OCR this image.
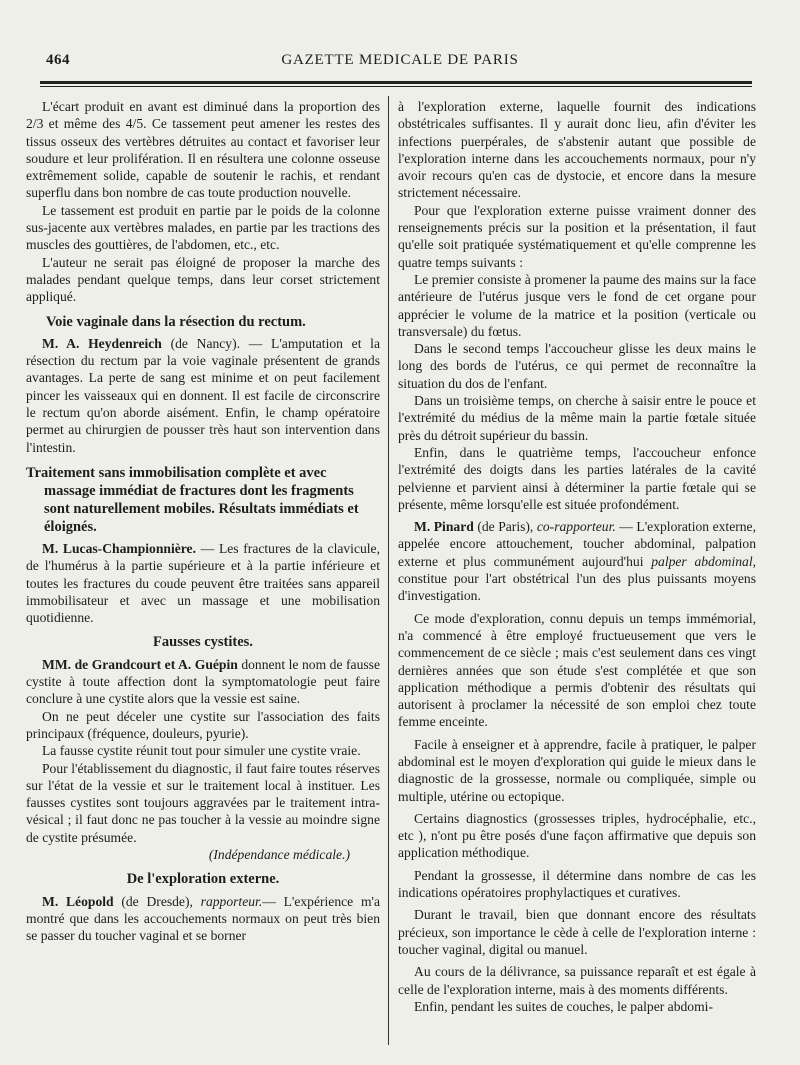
464	GAZETTE MEDICALE DE PARIS

L'écart produit en avant est diminué dans la proportion des 2/3 et même des 4/5. Ce tassement peut amener les restes des tissus osseux des vertèbres détruites au contact et favoriser leur soudure et leur prolifération. Il en résultera une colonne osseuse extrêmement solide, capable de soutenir le rachis, et rendant superflu dans bon nombre de cas toute production nouvelle.

Le tassement est produit en partie par le poids de la colonne sus-jacente aux vertèbres malades, en partie par les tractions des muscles des gouttières, de l'abdomen, etc., etc.

L'auteur ne serait pas éloigné de proposer la marche des malades pendant quelque temps, dans leur corset strictement appliqué.

Voie vaginale dans la résection du rectum.

M. A. Heydenreich (de Nancy). — L'amputation et la résection du rectum par la voie vaginale présentent de grands avantages. La perte de sang est minime et on peut facilement pincer les vaisseaux qui en donnent. Il est facile de circonscrire le rectum qu'on aborde aisément. Enfin, le champ opératoire permet au chirurgien de pousser très haut son intervention dans l'intestin.

Traitement sans immobilisation complète et avec massage immédiat de fractures dont les fragments sont naturellement mobiles. Résultats immédiats et éloignés.

M. Lucas-Championnière. — Les fractures de la clavicule, de l'humérus à la partie supérieure et à la partie inférieure et toutes les fractures du coude peuvent être traitées sans appareil immobilisateur et avec un massage et une mobilisation quotidienne.

Fausses cystites.

MM. de Grandcourt et A. Guépin donnent le nom de fausse cystite à toute affection dont la symptomatologie peut faire conclure à une cystite alors que la vessie est saine.

On ne peut déceler une cystite sur l'association des faits principaux (fréquence, douleurs, pyurie).

La fausse cystite réunit tout pour simuler une cystite vraie.

Pour l'établissement du diagnostic, il faut faire toutes réserves sur l'état de la vessie et sur le traitement local à instituer. Les fausses cystites sont toujours aggravées par le traitement intra-vésical ; il faut donc ne pas toucher à la vessie au moindre signe de cystite présumée.

(Indépendance médicale.)

De l'exploration externe.

M. Léopold (de Dresde), rapporteur.— L'expérience m'a montré que dans les accouchements normaux on peut très bien se passer du toucher vaginal et se borner

à l'exploration externe, laquelle fournit des indications obstétricales suffisantes. Il y aurait donc lieu, afin d'éviter les infections puerpérales, de s'abstenir autant que possible de l'exploration interne dans les accouchements normaux, pour n'y avoir recours qu'en cas de dystocie, et encore dans la mesure strictement nécessaire.

Pour que l'exploration externe puisse vraiment donner des renseignements précis sur la position et la présentation, il faut qu'elle soit pratiquée systématiquement et qu'elle comprenne les quatre temps suivants :

Le premier consiste à promener la paume des mains sur la face antérieure de l'utérus jusque vers le fond de cet organe pour apprécier le volume de la matrice et la position (verticale ou transversale) du fœtus.

Dans le second temps l'accoucheur glisse les deux mains le long des bords de l'utérus, ce qui permet de reconnaître la situation du dos de l'enfant.

Dans un troisième temps, on cherche à saisir entre le pouce et l'extrémité du médius de la même main la partie fœtale située près du détroit supérieur du bassin.

Enfin, dans le quatrième temps, l'accoucheur enfonce l'extrémité des doigts dans les parties latérales de la cavité pelvienne et parvient ainsi à déterminer la partie fœtale qui se présente, même lorsqu'elle est située profondément.

M. Pinard (de Paris), co-rapporteur. — L'exploration externe, appelée encore attouchement, toucher abdominal, palpation externe et plus communément aujourd'hui palper abdominal, constitue pour l'art obstétrical l'un des plus puissants moyens d'investigation.

Ce mode d'exploration, connu depuis un temps immémorial, n'a commencé à être employé fructueusement que vers le commencement de ce siècle ; mais c'est seulement dans ces vingt dernières années que son étude s'est complétée et que son application méthodique a permis d'obtenir des résultats qui autorisent à proclamer la nécessité de son emploi chez toute femme enceinte.

Facile à enseigner et à apprendre, facile à pratiquer, le palper abdominal est le moyen d'exploration qui guide le mieux dans le diagnostic de la grossesse, normale ou compliquée, simple ou multiple, utérine ou ectopique.

Certains diagnostics (grossesses triples, hydrocéphalie, etc., etc ), n'ont pu être posés d'une façon affirmative que depuis son application méthodique.

Pendant la grossesse, il détermine dans nombre de cas les indications opératoires prophylactiques et curatives.

Durant le travail, bien que donnant encore des résultats précieux, son importance le cède à celle de l'exploration interne : toucher vaginal, digital ou manuel.

Au cours de la délivrance, sa puissance reparaît et est égale à celle de l'exploration interne, mais à des moments différents.

Enfin, pendant les suites de couches, le palper abdomi-
